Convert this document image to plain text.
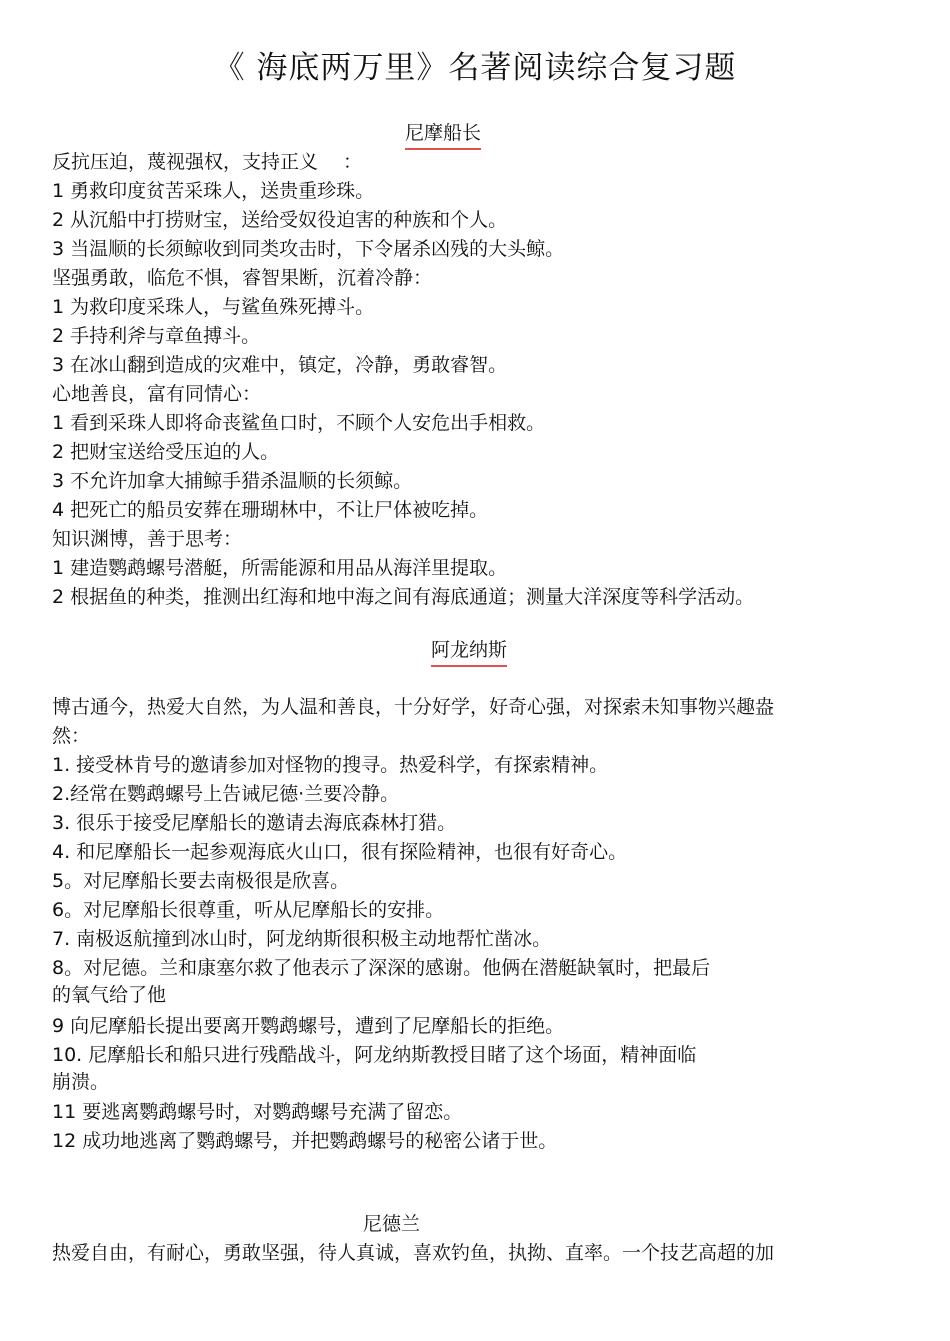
《 海底两万里》名著阅读综合复习题
尼摩船长
反抗压迫，蔑视强权，支持正义　 ：
1 勇救印度贫苦采珠人，送贵重珍珠。
2 从沉船中打捞财宝，送给受奴役迫害的种族和个人。
3 当温顺的长须鲸收到同类攻击时，下令屠杀凶残的大头鲸。
坚强勇敢，临危不惧，睿智果断，沉着冷静：
1 为救印度采珠人，与鲨鱼殊死搏斗。
2 手持利斧与章鱼搏斗。
3 在冰山翻到造成的灾难中，镇定，冷静，勇敢睿智。
心地善良，富有同情心：
1 看到采珠人即将命丧鲨鱼口时，不顾个人安危出手相救。
2 把财宝送给受压迫的人。
3 不允许加拿大捕鲸手猎杀温顺的长须鲸。
4 把死亡的船员安葬在珊瑚林中，不让尸体被吃掉。
知识渊博，善于思考：
1 建造鹦鹉螺号潜艇，所需能源和用品从海洋里提取。
2 根据鱼的种类，推测出红海和地中海之间有海底通道；测量大洋深度等科学活动。
阿龙纳斯
博古通今，热爱大自然，为人温和善良，十分好学，好奇心强，对探索未知事物兴趣盎
然：
1. 接受林肯号的邀请参加对怪物的搜寻。热爱科学，有探索精神。
2.经常在鹦鹉螺号上告诫尼德·兰要冷静。
3. 很乐于接受尼摩船长的邀请去海底森林打猎。
4. 和尼摩船长一起参观海底火山口，很有探险精神，也很有好奇心。
5。对尼摩船长要去南极很是欣喜。
6。对尼摩船长很尊重，听从尼摩船长的安排。
7. 南极返航撞到冰山时，阿龙纳斯很积极主动地帮忙凿冰。
8。对尼德。兰和康塞尔救了他表示了深深的感谢。他俩在潜艇缺氧时，把最后
的氧气给了他
9 向尼摩船长提出要离开鹦鹉螺号，遭到了尼摩船长的拒绝。
10. 尼摩船长和船只进行残酷战斗，阿龙纳斯教授目睹了这个场面，精神面临
崩溃。
11 要逃离鹦鹉螺号时，对鹦鹉螺号充满了留恋。
12 成功地逃离了鹦鹉螺号，并把鹦鹉螺号的秘密公诸于世。
尼德兰
热爱自由，有耐心，勇敢坚强，待人真诚，喜欢钓鱼，执拗、直率。一个技艺高超的加
